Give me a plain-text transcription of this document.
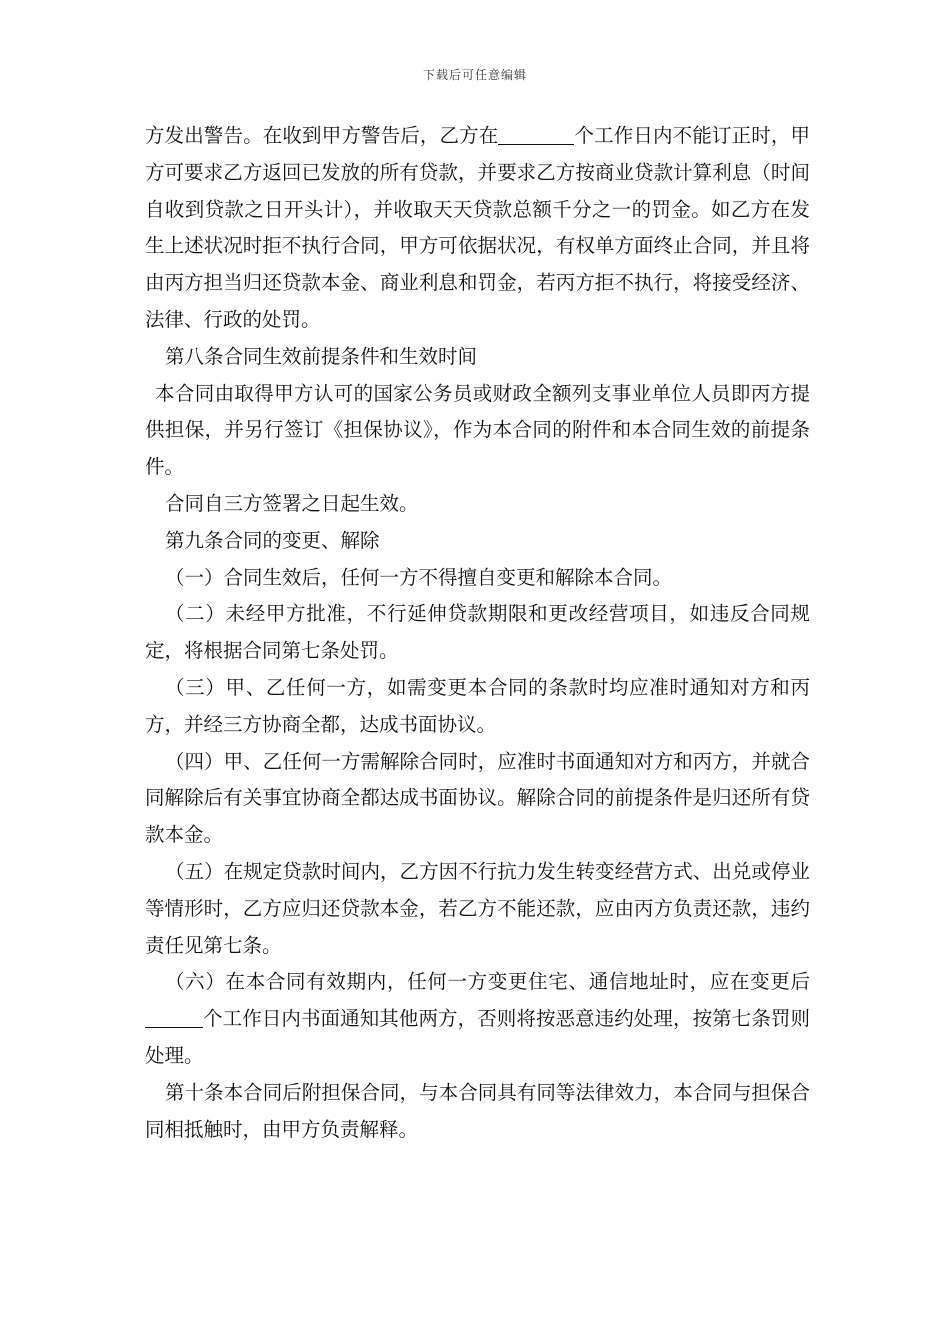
下载后可任意编辑

方发出警告。在收到甲方警告后，乙方在	个工作日内不能订正时，甲方可要求乙方返回已发放的所有贷款，并要求乙方按商业贷款计算利息（时间自收到贷款之日开头计），并收取天天贷款总额千分之一的罚金。如乙方在发生上述状况时拒不执行合同，甲方可依据状况，有权单方面终止合同，并且将由丙方担当归还贷款本金、商业利息和罚金，若丙方拒不执行，将接受经济、法律、行政的处罚。

第八条合同生效前提条件和生效时间

本合同由取得甲方认可的国家公务员或财政全额列支事业单位人员即丙方提供担保，并另行签订《担保协议》，作为本合同的附件和本合同生效的前提条件。

合同自三方签署之日起生效。

第九条合同的变更、解除

（一）合同生效后，任何一方不得擅自变更和解除本合同。

（二）未经甲方批准，不行延伸贷款期限和更改经营项目，如违反合同规定，将根据合同第七条处罚。

（三）甲、乙任何一方，如需变更本合同的条款时均应准时通知对方和丙方，并经三方协商全都，达成书面协议。

（四）甲、乙任何一方需解除合同时，应准时书面通知对方和丙方，并就合同解除后有关事宜协商全都达成书面协议。解除合同的前提条件是归还所有贷款本金。

（五）在规定贷款时间内，乙方因不行抗力发生转变经营方式、出兑或停业等情形时，乙方应归还贷款本金，若乙方不能还款，应由丙方负责还款，违约责任见第七条。

（六）在本合同有效期内，任何一方变更住宅、通信地址时，应在变更后个工作日内书面通知其他两方，否则将按恶意违约处理，按第七条罚则处理。

第十条本合同后附担保合同，与本合同具有同等法律效力，本合同与担保合同相抵触时，由甲方负责解释。
